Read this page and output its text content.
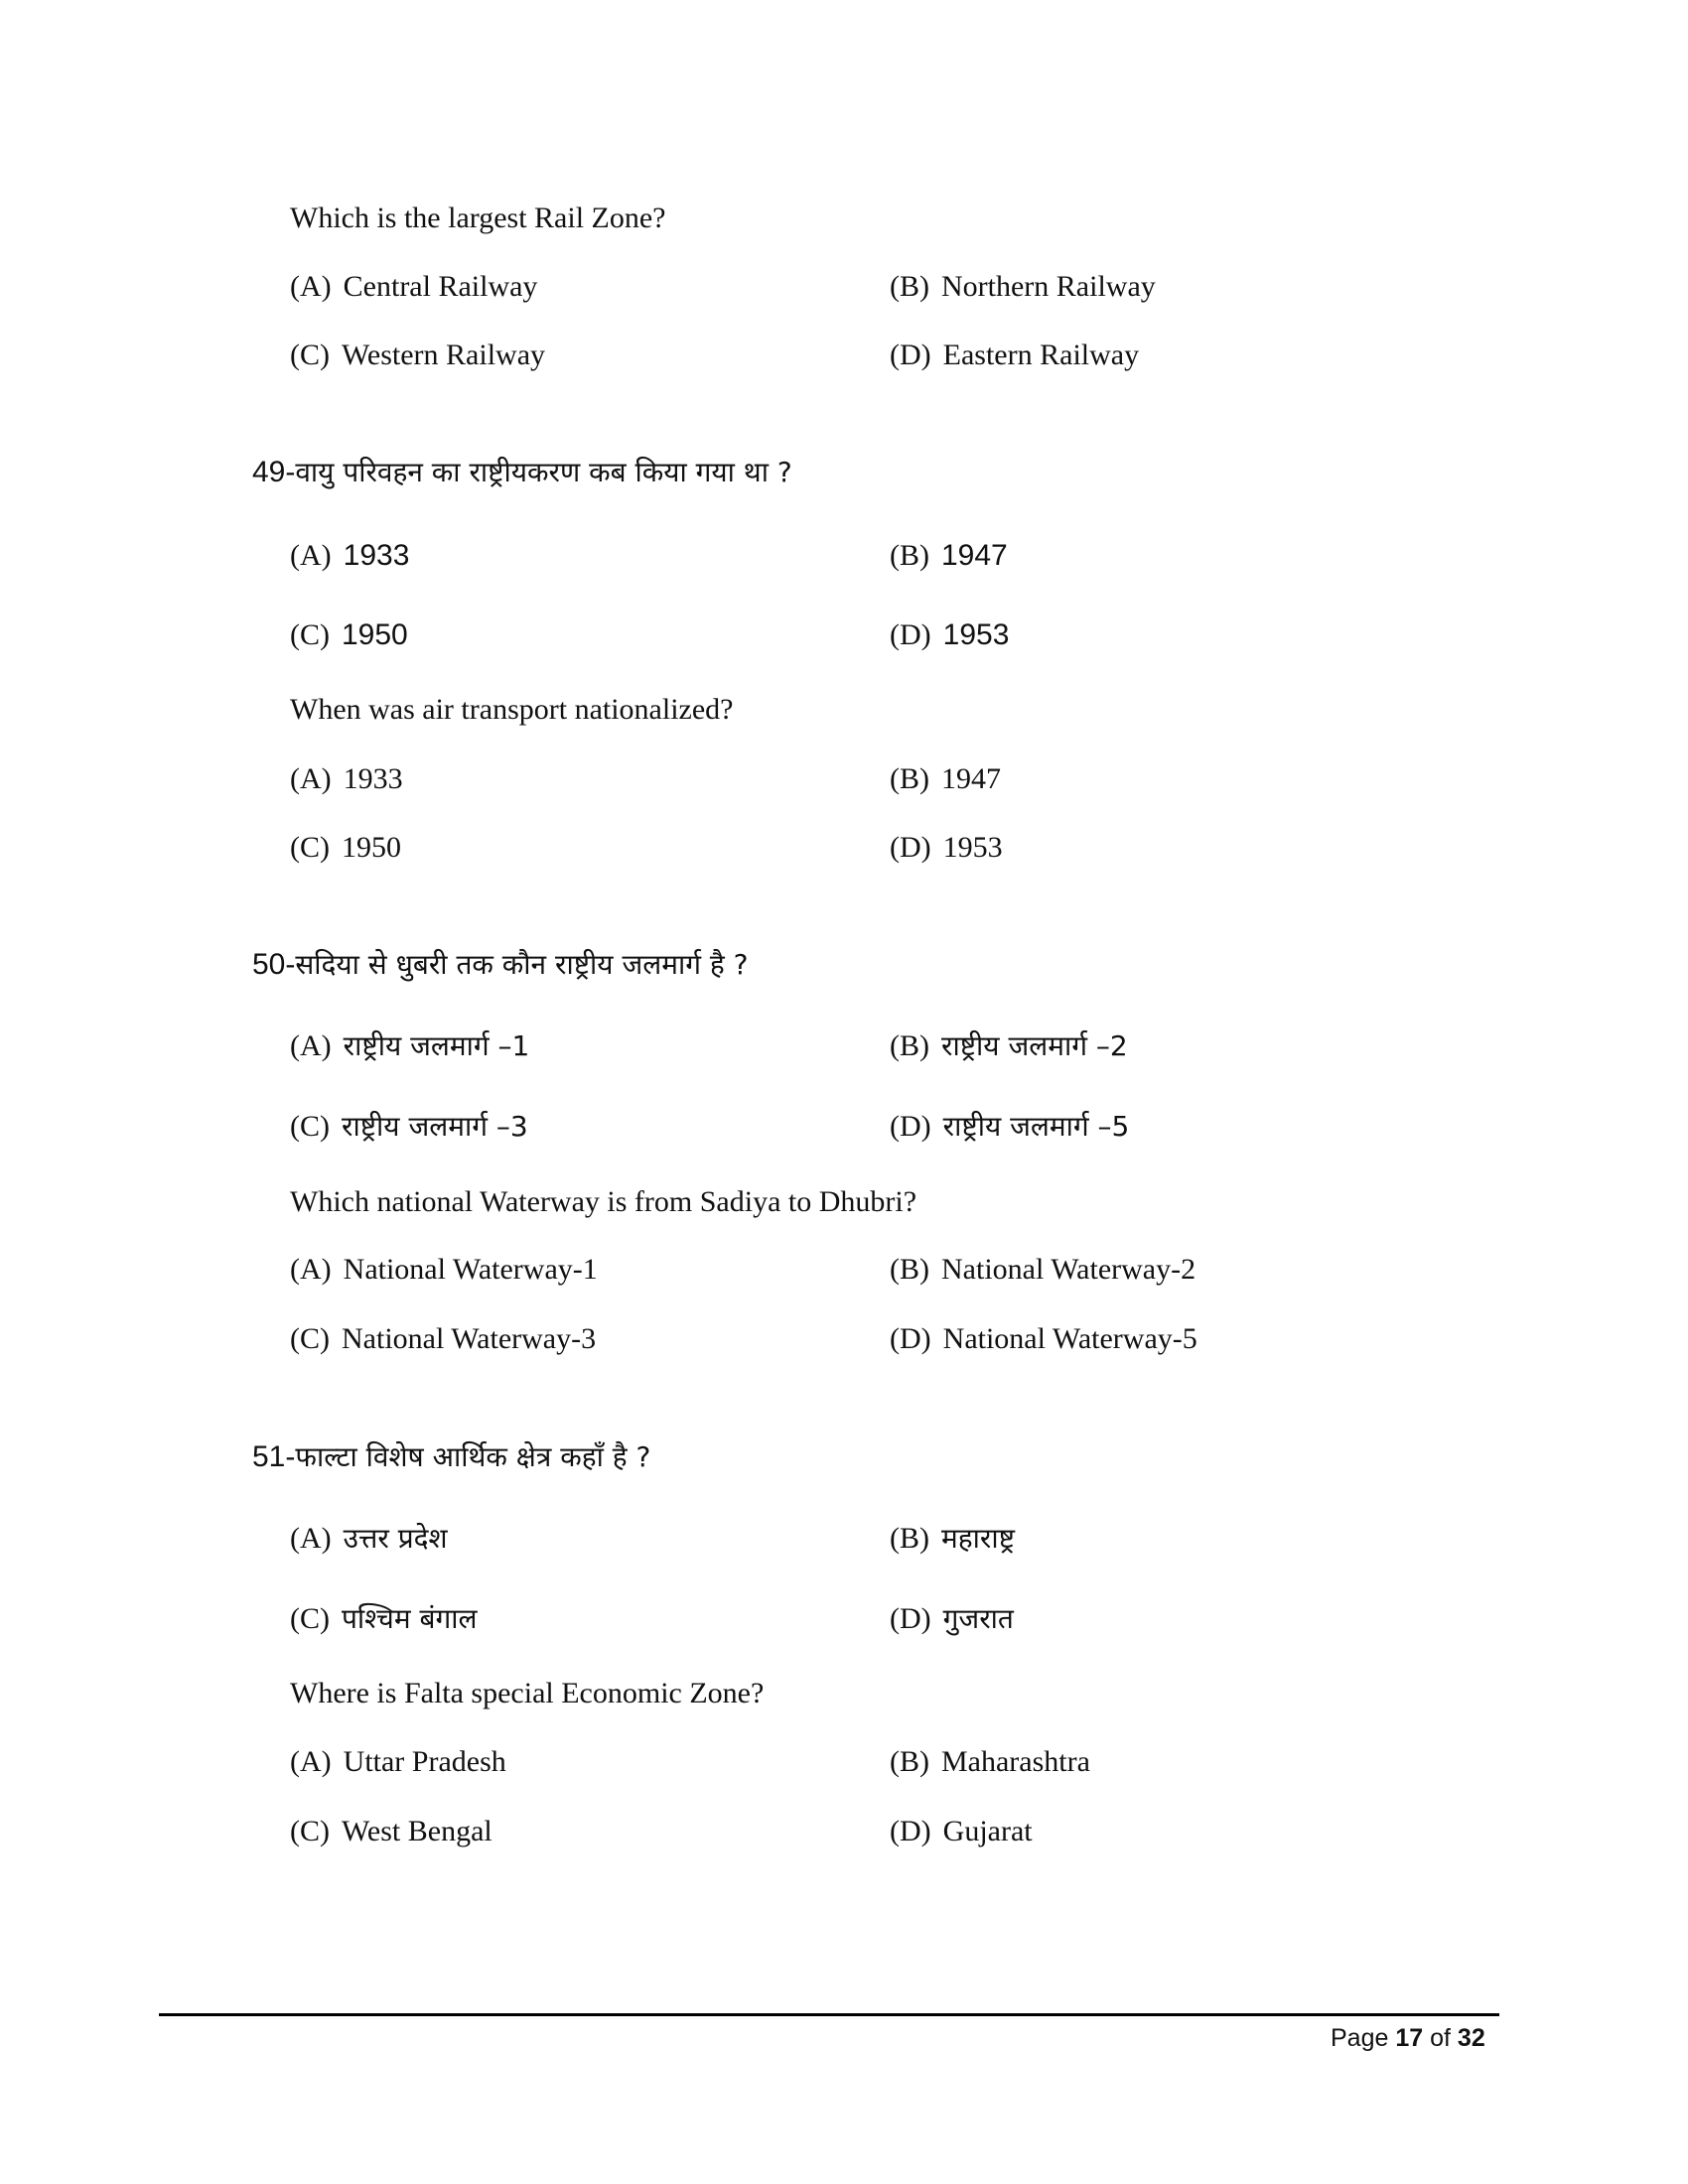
Which is the largest Rail Zone?
(A) Central Railway	(B) Northern Railway
(C) Western Railway	(D) Eastern Railway
49-वायु परिवहन का राष्ट्रीयकरण कब किया गया था ?
(A) 1933	(B) 1947
(C) 1950	(D) 1953
When was air transport nationalized?
(A) 1933	(B) 1947
(C) 1950	(D) 1953
50-सदिया से धुबरी तक कौन राष्ट्रीय जलमार्ग है ?
(A) राष्ट्रीय जलमार्ग –1	(B) राष्ट्रीय जलमार्ग –2
(C) राष्ट्रीय जलमार्ग –3	(D) राष्ट्रीय जलमार्ग –5
Which national Waterway is from Sadiya to Dhubri?
(A) National Waterway-1	(B) National Waterway-2
(C) National Waterway-3	(D) National Waterway-5
51-फाल्टा विशेष आर्थिक क्षेत्र कहाँ है ?
(A) उत्तर प्रदेश	(B) महाराष्ट्र
(C) पश्चिम बंगाल	(D) गुजरात
Where is Falta special Economic Zone?
(A) Uttar Pradesh	(B) Maharashtra
(C) West Bengal	(D) Gujarat
Page 17 of 32
